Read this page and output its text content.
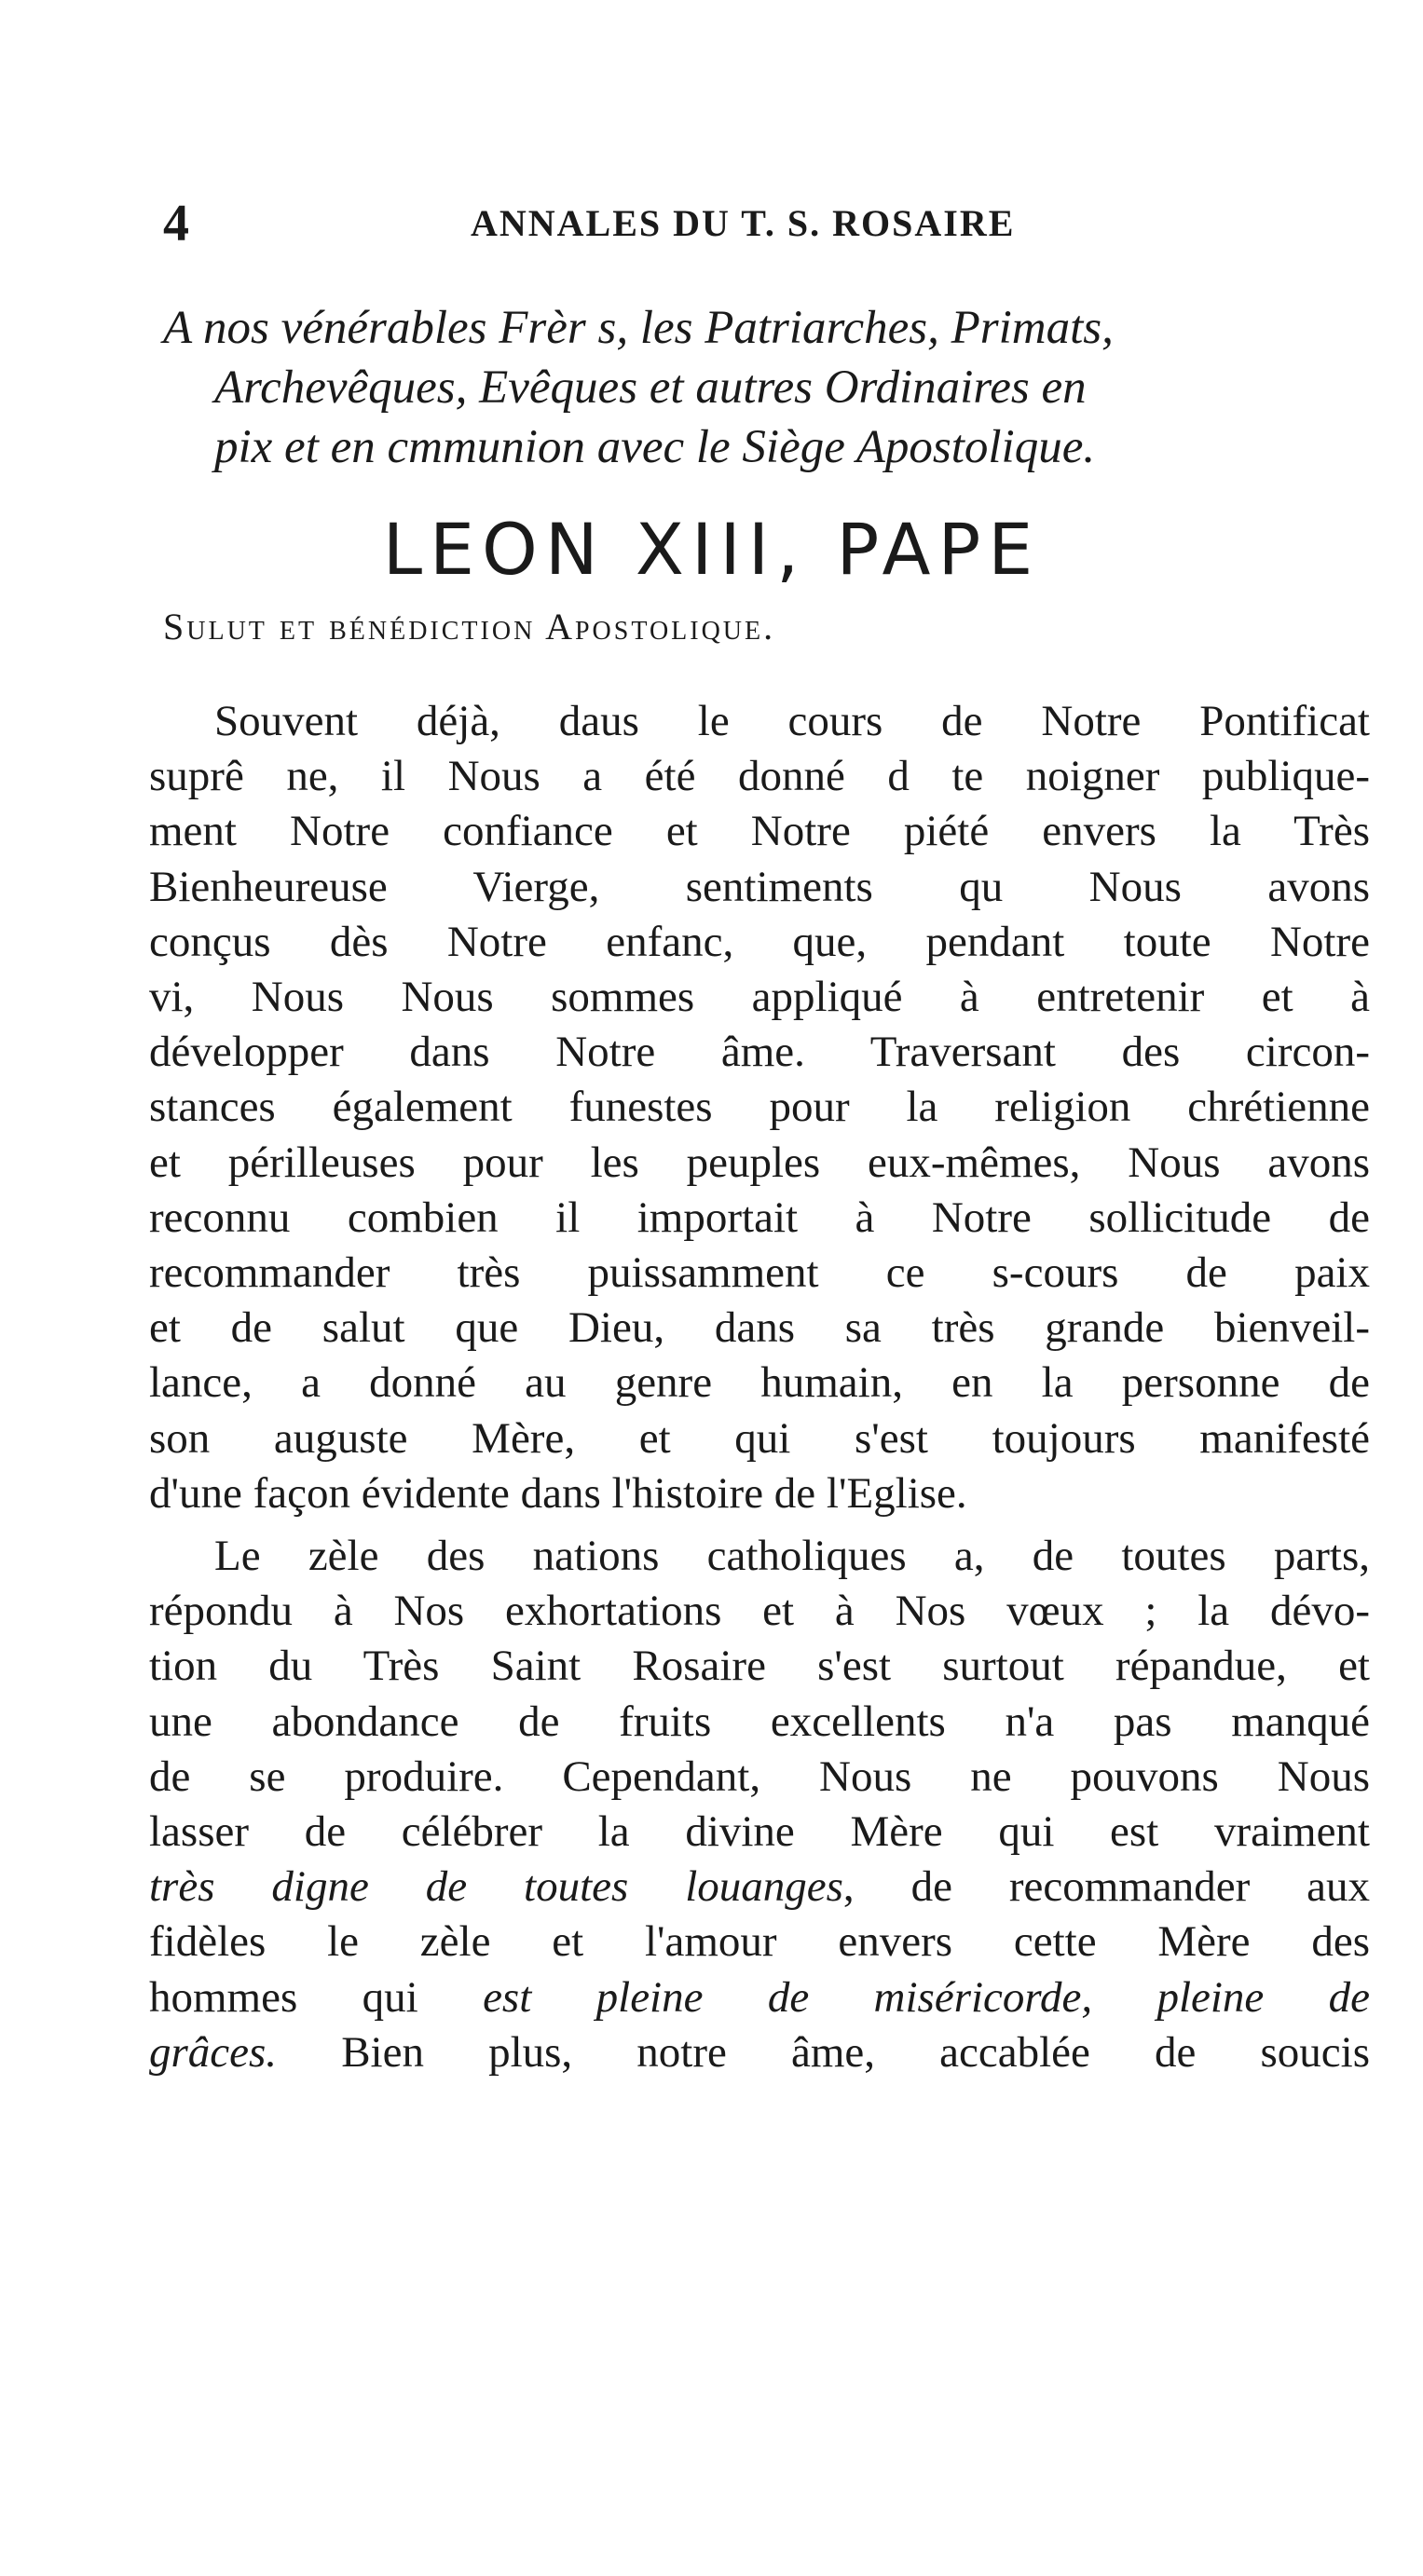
4	ANNALES DU T. S. ROSAIRE
A nos vénérables Frèr s, les Patriarches, Primats,
Archevêques, Evêques et autres Ordinaires en
pix et en cmmunion avec le Siège Apostolique.
LEON XIII, PAPE
Sulut et bénédiction Apostolique.
Souvent déjà, daus le cours de Notre Pontificat
suprê ne, il Nous a été donné d te noigner publique-
ment Notre confiance et Notre piété envers la Très
Bienheureuse Vierge, sentiments qu Nous avons
conçus dès Notre enfanc, que, pendant toute Notre
vi, Nous Nous sommes appliqué à entretenir et à
développer dans Notre âme. Traversant des circon-
stances également funestes pour la religion chrétienne
et périlleuses pour les peuples eux-mêmes, Nous avons
reconnu combien il importait à Notre sollicitude de
recommander très puissamment ce s-cours de paix
et de salut que Dieu, dans sa très grande bienveil-
lance, a donné au genre humain, en la personne de
son auguste Mère, et qui s'est toujours manifesté
d'une façon évidente dans l'histoire de l'Eglise.
Le zèle des nations catholiques a, de toutes parts,
répondu à Nos exhortations et à Nos vœux ; la dévo-
tion du Très Saint Rosaire s'est surtout répandue, et
une abondance de fruits excellents n'a pas manqué
de se produire. Cependant, Nous ne pouvons Nous
lasser de célébrer la divine Mère qui est vraiment
très digne de toutes louanges, de recommander aux
fidèles le zèle et l'amour envers cette Mère des
hommes qui est pleine de miséricorde, pleine de
grâces. Bien plus, notre âme, accablée de soucis
